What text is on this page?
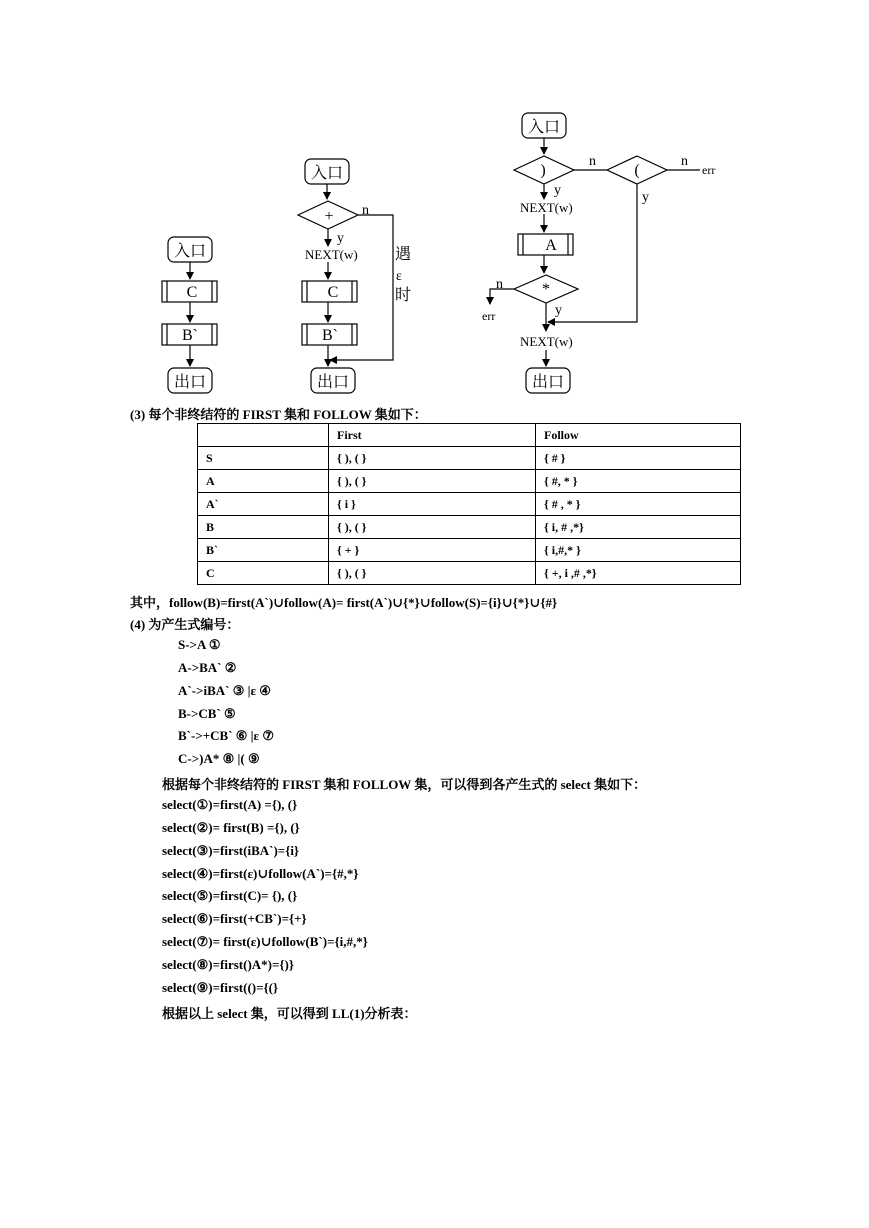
入口
C
B`
出口
入口
+
C
B`
出口
y
n
NEXT(w) 遇
ε
时
入口
)	(
A
*
出口
n	n
err
y	y
NEXT(w)
n
err	y
NEXT(w)
(3) 每个非终结符的 FIRST 集和 FOLLOW 集如下：
	First	Follow
S	{ ), ( }	{ # }
A	{ ), ( }	{ #, * }
A`	{ i }	{ # , * }
B	{ ), ( }	{ i, # ,*}
B`	{ + }	{ i,#,* }
C	{ ), ( }	{ +, i ,# ,*}
其中，follow(B)=first(A`)∪follow(A)= first(A`)∪{*}∪follow(S)={i}∪{*}∪{#}
(4) 为产生式编号：
S->A ①
A->BA` ②
A`->iBA` ③ |ε ④
B->CB` ⑤
B`->+CB` ⑥ |ε ⑦
C->)A* ⑧ |( ⑨
根据每个非终结符的 FIRST 集和 FOLLOW 集，可以得到各产生式的 select 集如下：
select(①)=first(A) ={), (}
select(②)= first(B) ={), (}
select(③)=first(iBA`)={i}
select(④)=first(ε)∪follow(A`)={#,*}
select(⑤)=first(C)= {), (}
select(⑥)=first(+CB`)={+}
select(⑦)= first(ε)∪follow(B`)={i,#,*}
select(⑧)=first()A*)={)}
select(⑨)=first(()={(}
根据以上 select 集，可以得到 LL(1)分析表：
